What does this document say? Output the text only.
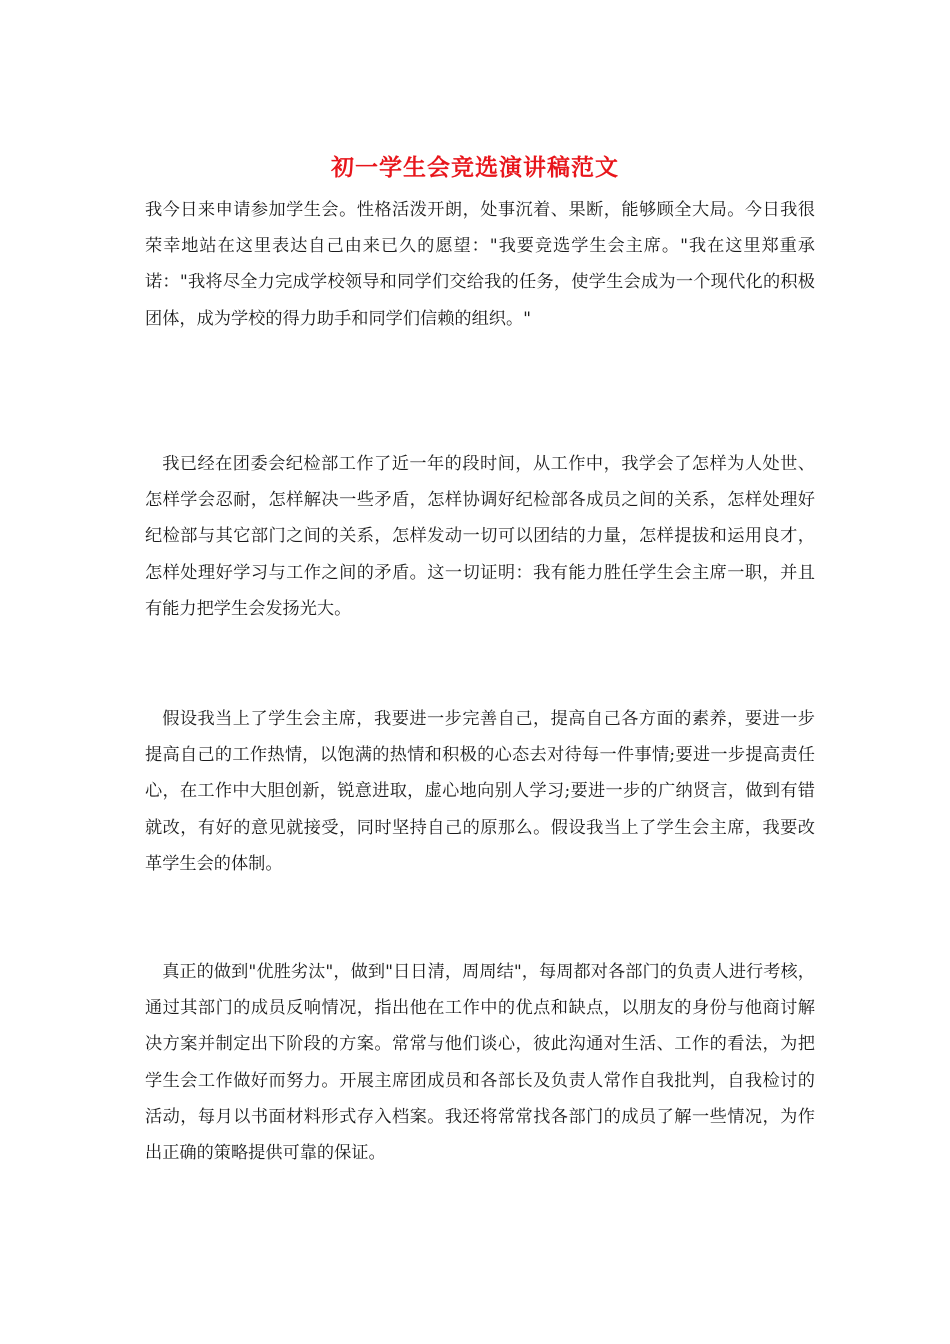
初一学生会竞选演讲稿范文

我今日来申请参加学生会。性格活泼开朗，处事沉着、果断，能够顾全大局。今日我很荣幸地站在这里表达自己由来已久的愿望："我要竞选学生会主席。"我在这里郑重承诺："我将尽全力完成学校领导和同学们交给我的任务，使学生会成为一个现代化的积极团体，成为学校的得力助手和同学们信赖的组织。"

我已经在团委会纪检部工作了近一年的段时间，从工作中，我学会了怎样为人处世、怎样学会忍耐，怎样解决一些矛盾，怎样协调好纪检部各成员之间的关系，怎样处理好纪检部与其它部门之间的关系，怎样发动一切可以团结的力量，怎样提拔和运用良才，怎样处理好学习与工作之间的矛盾。这一切证明：我有能力胜任学生会主席一职，并且有能力把学生会发扬光大。

假设我当上了学生会主席，我要进一步完善自己，提高自己各方面的素养，要进一步提高自己的工作热情，以饱满的热情和积极的心态去对待每一件事情;要进一步提高责任心，在工作中大胆创新，锐意进取，虚心地向别人学习;要进一步的广纳贤言，做到有错就改，有好的意见就接受，同时坚持自己的原那么。假设我当上了学生会主席，我要改革学生会的体制。

真正的做到"优胜劣汰"，做到"日日清，周周结"，每周都对各部门的负责人进行考核，通过其部门的成员反响情况，指出他在工作中的优点和缺点，以朋友的身份与他商讨解决方案并制定出下阶段的方案。常常与他们谈心，彼此沟通对生活、工作的看法，为把学生会工作做好而努力。开展主席团成员和各部长及负责人常作自我批判，自我检讨的活动，每月以书面材料形式存入档案。我还将常常找各部门的成员了解一些情况，为作出正确的策略提供可靠的保证。
